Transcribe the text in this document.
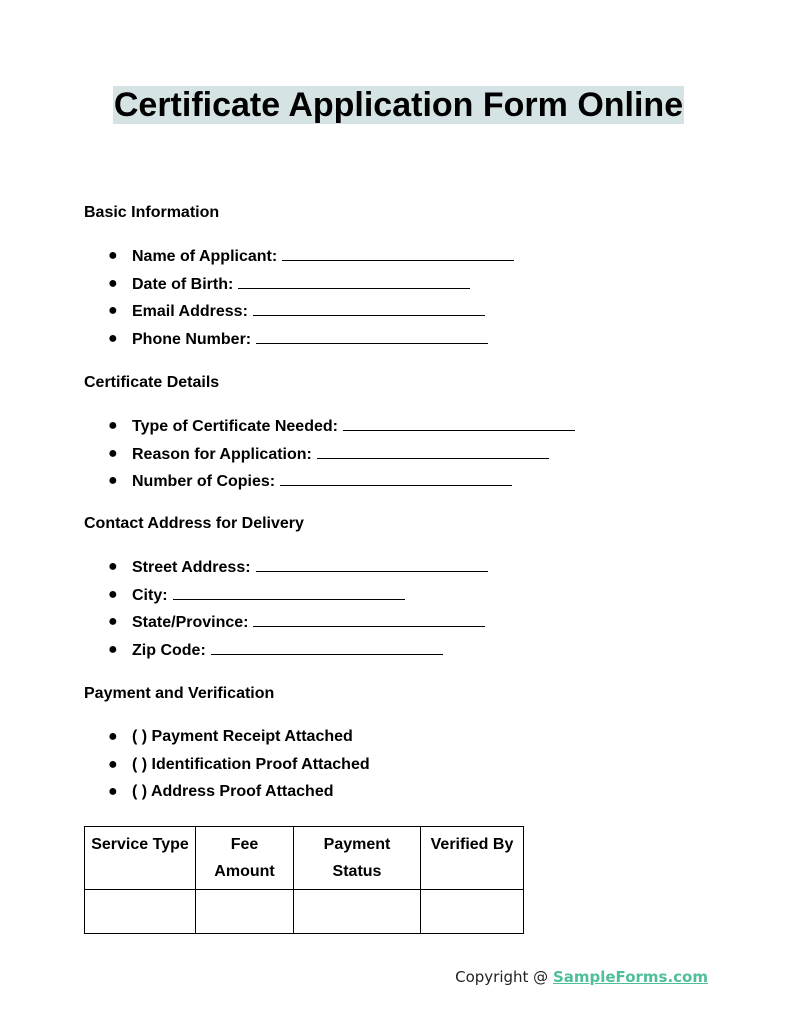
Certificate Application Form Online
Basic Information
● Name of Applicant:
● Date of Birth:
● Email Address:
● Phone Number:
Certificate Details
● Type of Certificate Needed:
● Reason for Application:
● Number of Copies:
Contact Address for Delivery
● Street Address:
● City:
● State/Province:
● Zip Code:
Payment and Verification
● ( ) Payment Receipt Attached
● ( ) Identification Proof Attached
● ( ) Address Proof Attached
Service Type	Fee Amount	Payment Status	Verified By

Copyright @ SampleForms.com
